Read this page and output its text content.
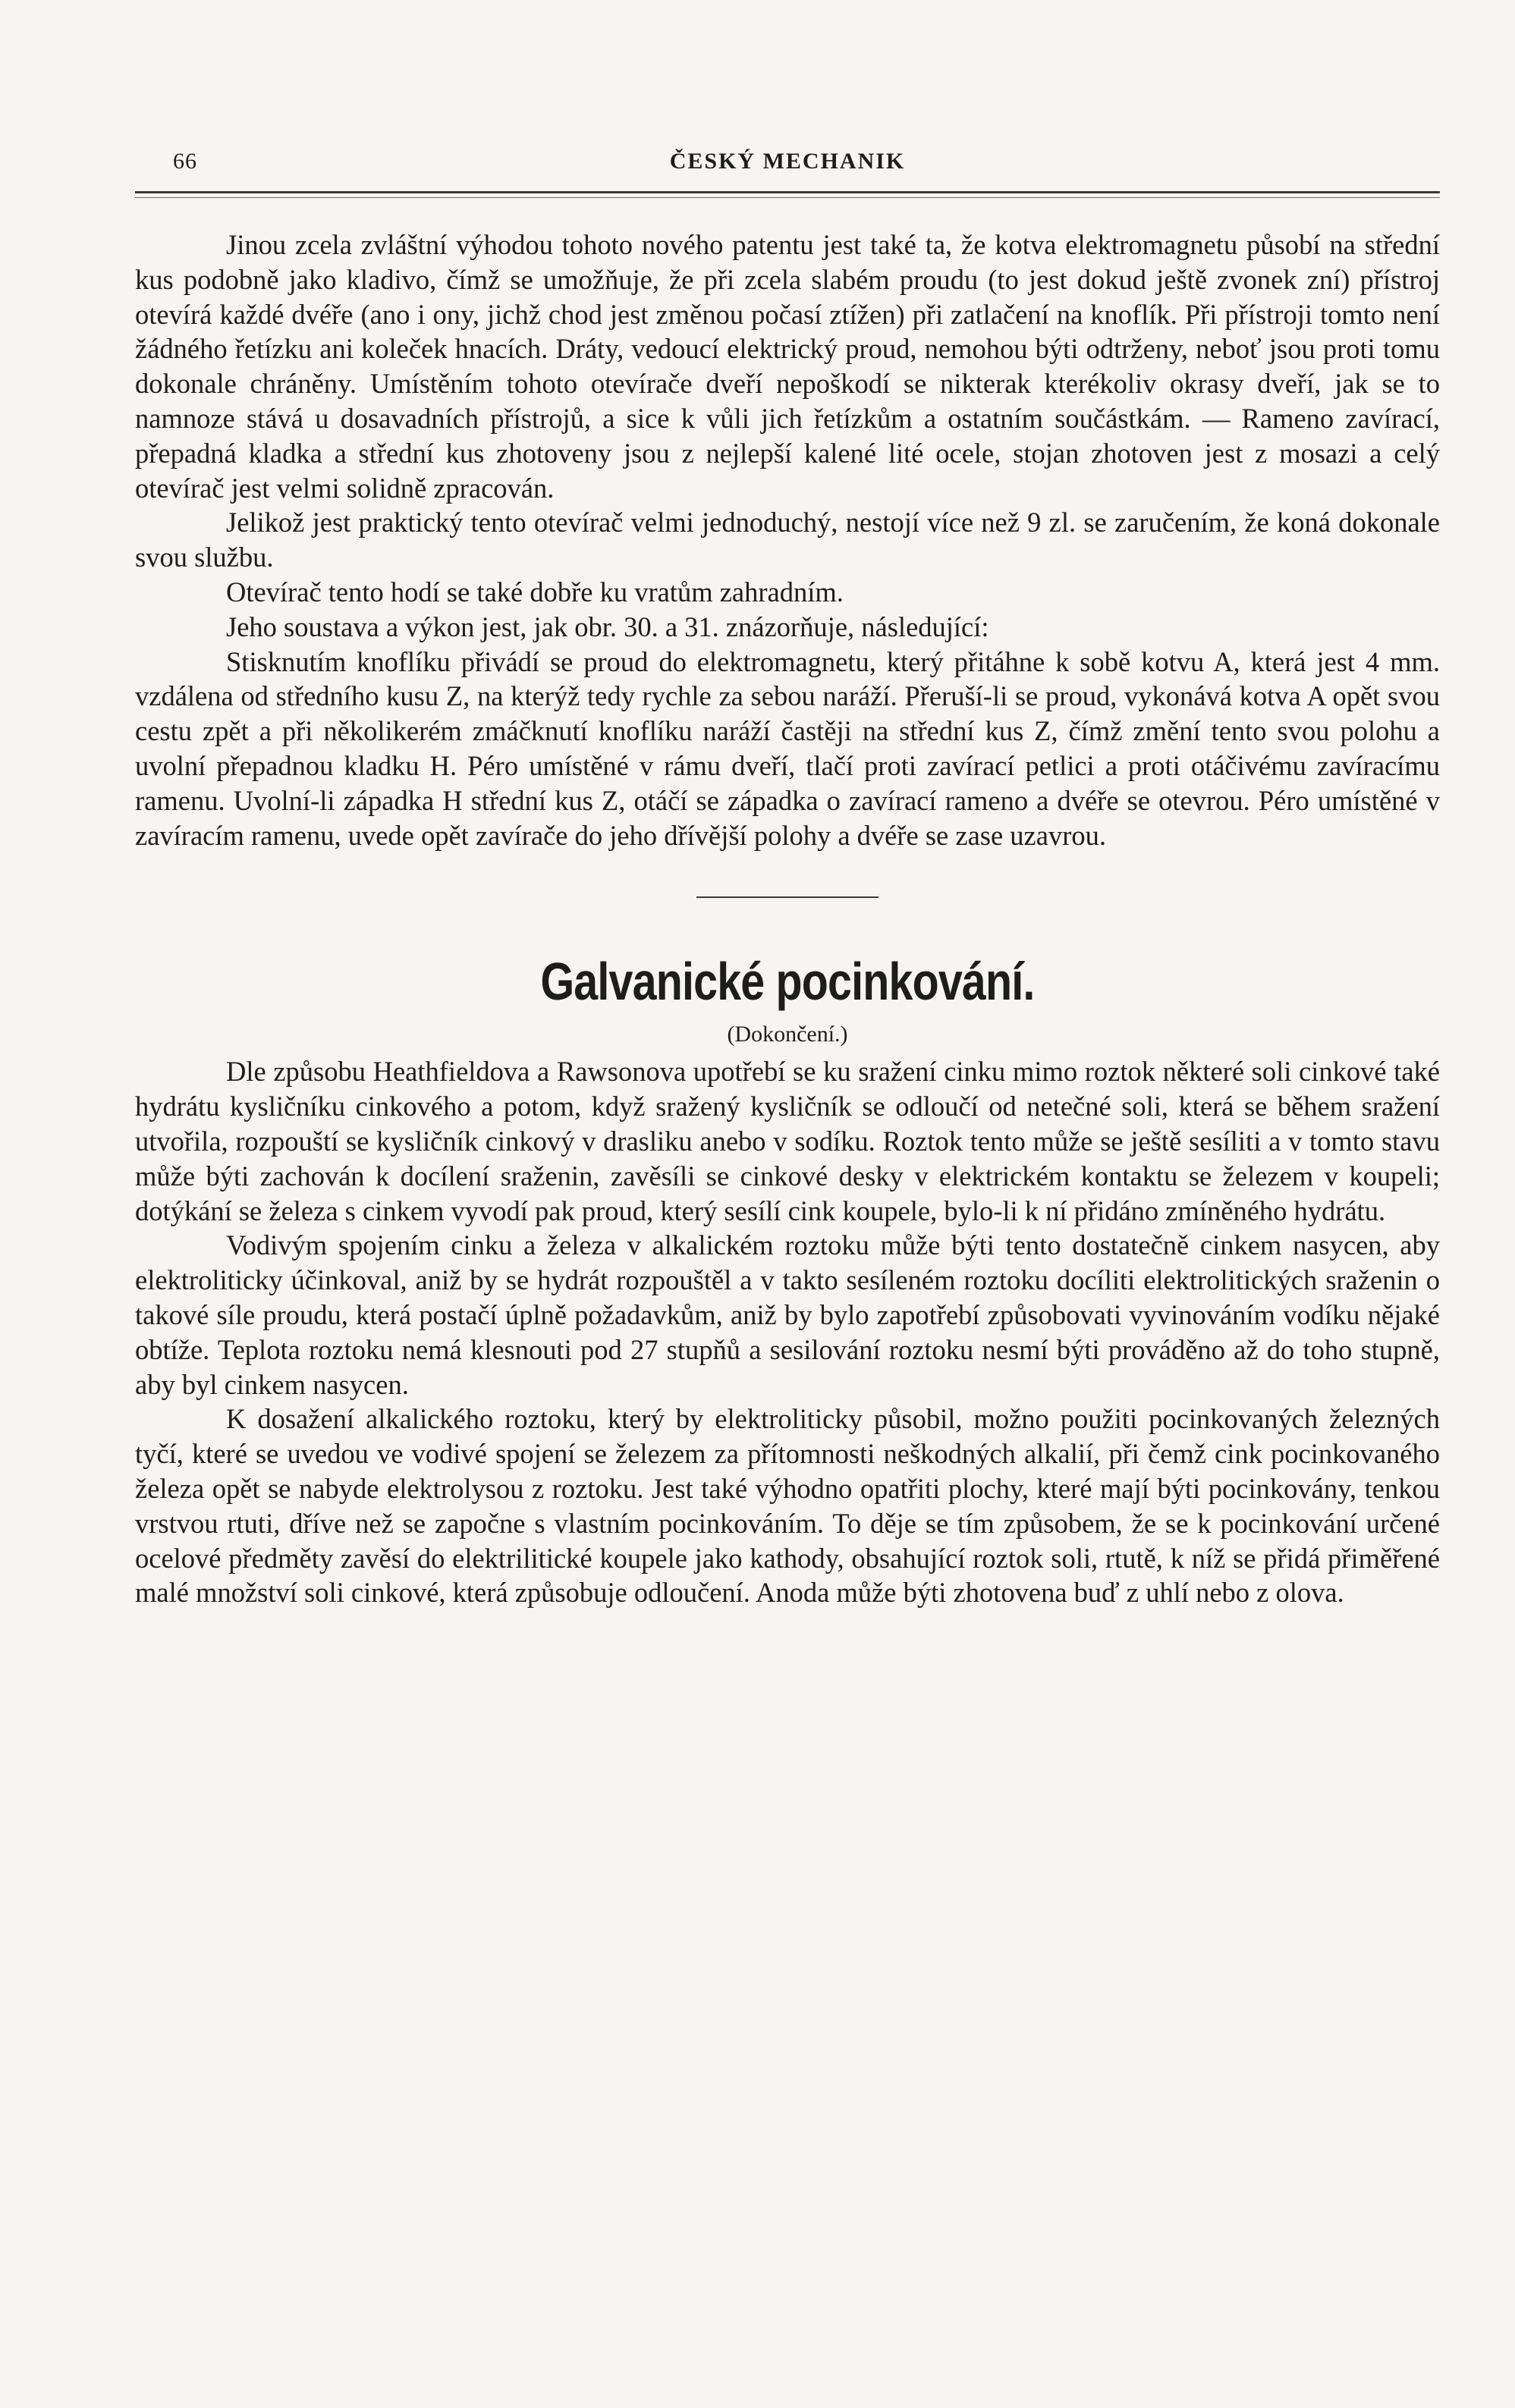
66	ČESKÝ MECHANIK

Jinou zcela zvláštní výhodou tohoto nového patentu jest také ta, že kotva elektromagnetu působí na střední kus podobně jako kladivo, čímž se umožňuje, že při zcela slabém proudu (to jest dokud ještě zvonek zní) přístroj otevírá každé dvéře (ano i ony, jichž chod jest změnou počasí ztížen) při zatlačení na knoflík. Při přístroji tomto není žádného řetízku ani koleček hnacích. Dráty, vedoucí elektrický proud, nemohou býti odtrženy, neboť jsou proti tomu dokonale chráněny. Umístěním tohoto otevírače dveří nepoškodí se nikterak kterékoliv okrasy dveří, jak se to namnoze stává u dosavadních přístrojů, a sice k vůli jich řetízkům a ostatním součástkám. — Rameno zavírací, přepadná kladka a střední kus zhotoveny jsou z nejlepší kalené lité ocele, stojan zhotoven jest z mosazi a celý otevírač jest velmi solidně zpracován.

Jelikož jest praktický tento otevírač velmi jednoduchý, nestojí více než 9 zl. se zaručením, že koná dokonale svou službu.

Otevírač tento hodí se také dobře ku vratům zahradním.

Jeho soustava a výkon jest, jak obr. 30. a 31. znázorňuje, následující:

Stisknutím knoflíku přivádí se proud do elektromagnetu, který přitáhne k sobě kotvu A, která jest 4 mm. vzdálena od středního kusu Z, na kterýž tedy rychle za sebou naráží. Přeruší-li se proud, vykonává kotva A opět svou cestu zpět a při několikerém zmáčknutí knoflíku naráží častěji na střední kus Z, čímž změní tento svou polohu a uvolní přepadnou kladku H. Péro umístěné v rámu dveří, tlačí proti zavírací petlici a proti otáčivému zavíracímu ramenu. Uvolní-li západka H střední kus Z, otáčí se západka o zavírací rameno a dvéře se otevrou. Péro umístěné v zavíracím ramenu, uvede opět zavírače do jeho dřívější polohy a dvéře se zase uzavrou.

Galvanické pocinkování.
(Dokončení.)

Dle způsobu Heathfieldova a Rawsonova upotřebí se ku sražení cinku mimo roztok některé soli cinkové také hydrátu kysličníku cinkového a potom, když sražený kysličník se odloučí od netečné soli, která se během sražení utvořila, rozpouští se kysličník cinkový v drasliku anebo v sodíku. Roztok tento může se ještě sesíliti a v tomto stavu může býti zachován k docílení sraženin, zavěsíli se cinkové desky v elektrickém kontaktu se železem v koupeli; dotýkání se železa s cinkem vyvodí pak proud, který sesílí cink koupele, bylo-li k ní přidáno zmíněného hydrátu.

Vodivým spojením cinku a železa v alkalickém roztoku může býti tento dostatečně cinkem nasycen, aby elektroliticky účinkoval, aniž by se hydrát rozpouštěl a v takto sesíleném roztoku docíliti elektrolitických sraženin o takové síle proudu, která postačí úplně požadavkům, aniž by bylo zapotřebí způsobovati vyvinováním vodíku nějaké obtíže. Teplota roztoku nemá klesnouti pod 27 stupňů a sesilování roztoku nesmí býti prováděno až do toho stupně, aby byl cinkem nasycen.

K dosažení alkalického roztoku, který by elektroliticky působil, možno použiti pocinkovaných železných tyčí, které se uvedou ve vodivé spojení se železem za přítomnosti neškodných alkalií, při čemž cink pocinkovaného železa opět se nabyde elektrolysou z roztoku. Jest také výhodno opatřiti plochy, které mají býti pocinkovány, tenkou vrstvou rtuti, dříve než se započne s vlastním pocinkováním. To děje se tím způsobem, že se k pocinkování určené ocelové předměty zavěsí do elektrilitické koupele jako kathody, obsahující roztok soli, rtutě, k níž se přidá přiměřené malé množství soli cinkové, která způsobuje odloučení. Anoda může býti zhotovena buď z uhlí nebo z olova.
